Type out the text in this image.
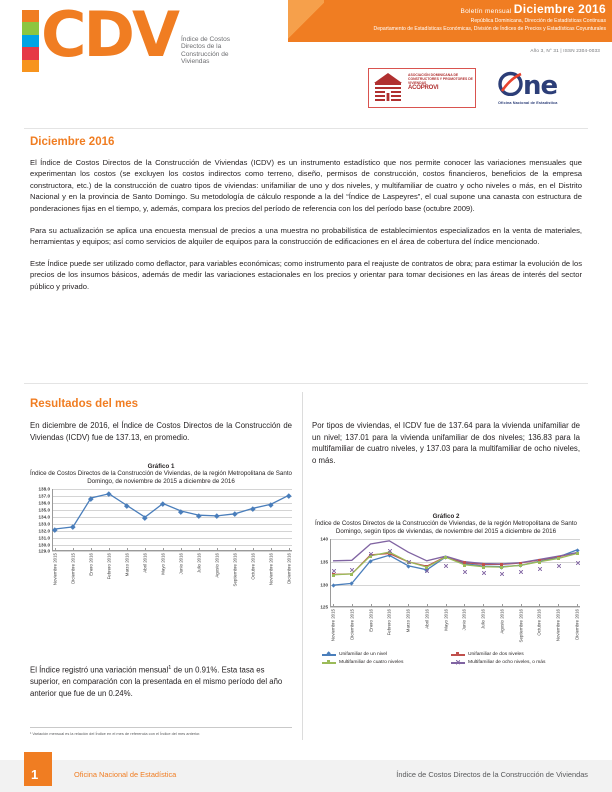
CDV Índice de Costos Directos de la Construcción de Viviendas
Boletín mensual Diciembre 2016
República Dominicana, Dirección de Estadísticas Continuas
Departamento de Estadísticas Económicas, División de Índices de Precios y Estadísticas Coyunturales
Año 3, N° 31 | ISSN 2304-0033
ASOCIACIÓN DOMINICANA DE CONSTRUCTORES Y PROMOTORES DE VIVIENDAS
ACOPROVI	ne
Oficina Nacional de Estadística
Diciembre 2016

El Índice de Costos Directos de la Construcción de Viviendas (ICDV) es un instrumento estadístico que nos permite conocer las variaciones mensuales que experimentan los costos (se excluyen los costos indirectos como terreno, diseño, permisos de construcción, costos financieros, beneficios de la empresa constructora, etc.) de la construcción de cuatro tipos de viviendas: unifamiliar de uno y dos niveles, y multifamiliar de cuatro y ocho niveles o más, en el Distrito Nacional y en la provincia de Santo Domingo. Su metodología de cálculo responde a la del “Índice de Laspeyres”, el cual supone una canasta con estructura de ponderaciones fijas en el tiempo, y, además, compara los precios del período de referencia con los del período base (octubre 2009).

Para su actualización se aplica una encuesta mensual de precios a una muestra no probabilística de establecimientos especializados en la venta de materiales, herramientas y equipos; así como servicios de alquiler de equipos para la construcción de edificaciones en el área de cobertura del índice mencionado.

Este Índice puede ser utilizado como deflactor, para variables económicas; como instrumento para el reajuste de contratos de obra; para estimar la evolución de los precios de los insumos básicos, además de medir las variaciones estacionales en los precios y orientar para tomar decisiones en las áreas de interés del sector público y privado.

Resultados del mes

En diciembre de 2016, el Índice de Costos Directos de la Construcción de Viviendas (ICDV) fue de 137.13, en promedio.

Por tipos de viviendas, el ICDV fue de 137.64 para la vivienda unifamiliar de un nivel; 137.01 para la vivienda unifamiliar de dos niveles; 136.83 para la multifamiliar de cuatro niveles, y 137.03 para la multifamiliar de ocho niveles, o más.

Gráfico 1
Índice de Costos Directos de la Construcción de Viviendas, de la región Metropolitana de Santo Domingo, de noviembre de 2015 a diciembre de 2016
138.0
137.0
136.0
135.0
134.0
133.0
132.0
131.0
130.0
129.0
Noviembre 2015	Diciembre 2015	Enero 2016	Febrero 2016	Marzo 2016	Abril 2016	Mayo 2016	Junio 2016	Julio 2016	Agosto 2016	Septiembre 2016	Octubre 2016	Noviembre 2016	Diciembre 2016
Gráfico 2
Índice de Costos Directos de la Construcción de Viviendas, de la región Metropolitana de Santo Domingo, según tipos de viviendas, de noviembre del 2015 a diciembre de 2016
140
135
130
125
Noviembre 2015	Diciembre 2015	Enero 2016	Febrero 2016	Marzo 2016	Abril 2016	Mayo 2016	Junio 2016	Julio 2016	Agosto 2016	Septiembre 2016	Octubre 2016	Noviembre 2016	Diciembre 2016
Unifamiliar de un nivel	Unifamiliar de dos niveles
Multifamiliar de cuatro niveles	Multifamiliar de ocho niveles, o más
El Índice registró una variación mensual$^1$ de un 0.91%. Esta tasa es superior, en comparación con la presentada en el mismo período del año anterior que fue de un 0.24%.
¹ Variación mensual es la relación del Índice en el mes de referencia con el Índice del mes anterior.
1	Oficina Nacional de Estadística	Índice de Costos Directos de la Construcción de Viviendas
